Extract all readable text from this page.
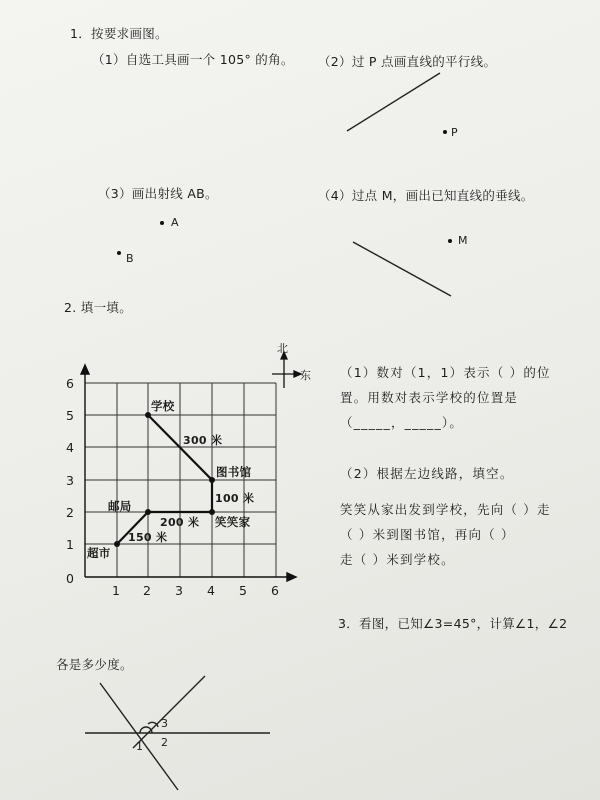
1．按要求画图。
（1）自选工具画一个 105° 的角。 （2）过 P 点画直线的平行线。
（3）画出射线 AB。	（4）过点 M，画出已知直线的垂线。
P
A
B
M
2. 填一填。
0
1
2
3
4
5
6
1 2 3 4 5 6
北
东
学校
图书馆
邮局
笑笑家
超市
300 米
100 米
200 米
150 米
（1）数对（1，1）表示（ ）的位
置。用数对表示学校的位置是
（_____，_____）。
（2）根据左边线路，填空。
笑笑从家出发到学校，先向（ ）走
（ ）米到图书馆，再向（ ）
走（ ）米到学校。
3．看图，已知∠3=45°，计算∠1，∠2
各是多少度。
1 2
3
